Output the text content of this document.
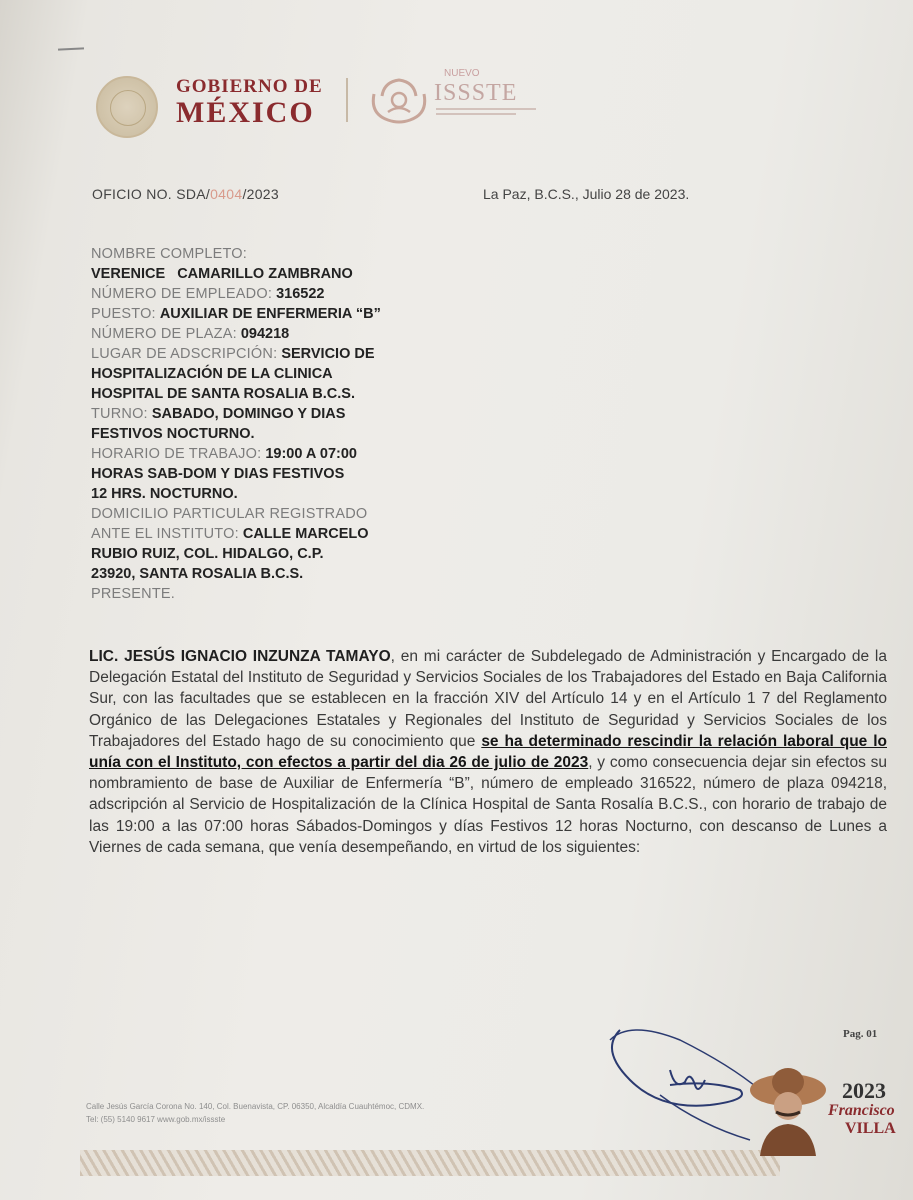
GOBIERNO DE
MÉXICO
NUEVO
ISSSTE
OFICIO NO. SDA/0404/2023	La Paz, B.C.S., Julio 28 de 2023.
NOMBRE COMPLETO: VERENICE   CAMARILLO ZAMBRANO
NÚMERO DE EMPLEADO: 316522
PUESTO: AUXILIAR DE ENFERMERIA “B”
NÚMERO DE PLAZA: 094218
LUGAR DE ADSCRIPCIÓN: SERVICIO DE
HOSPITALIZACIÓN DE LA CLINICA
HOSPITAL DE SANTA ROSALIA B.C.S.
TURNO: SABADO, DOMINGO Y DIAS
FESTIVOS NOCTURNO.
HORARIO DE TRABAJO: 19:00 A 07:00
HORAS SAB-DOM Y DIAS FESTIVOS
12 HRS. NOCTURNO.
DOMICILIO PARTICULAR REGISTRADO
ANTE EL INSTITUTO: CALLE MARCELO
RUBIO RUIZ, COL. HIDALGO, C.P.
23920, SANTA ROSALIA B.C.S.
PRESENTE.
LIC. JESÚS IGNACIO INZUNZA TAMAYO, en mi carácter de Subdelegado de Administración y Encargado de la Delegación Estatal del Instituto de Seguridad y Servicios Sociales de los Trabajadores del Estado en Baja California Sur, con las facultades que se establecen en la fracción XIV del Artículo 14 y en el Artículo 1 7 del Reglamento Orgánico de las Delegaciones Estatales y Regionales del Instituto de Seguridad y Servicios Sociales de los Trabajadores del Estado hago de su conocimiento que se ha determinado rescindir la relación laboral que lo unía con el Instituto, con efectos a partir del dia 26 de julio de 2023, y como consecuencia dejar sin efectos su nombramiento de base de Auxiliar de Enfermería “B”, número de empleado 316522, número de plaza 094218, adscripción al Servicio de Hospitalización de la Clínica Hospital de Santa Rosalía B.C.S., con horario de trabajo de las 19:00 a las 07:00 horas Sábados-Domingos y días Festivos 12 horas Nocturno, con descanso de Lunes a Viernes de cada semana, que venía desempeñando, en virtud de los siguientes:
Pag. 01
Calle Jesús García Corona No. 140, Col. Buenavista, CP. 06350, Alcaldía Cuauhtémoc, CDMX.
Tel: (55) 5140 9617 www.gob.mx/issste
2023
Francisco
VILLA
